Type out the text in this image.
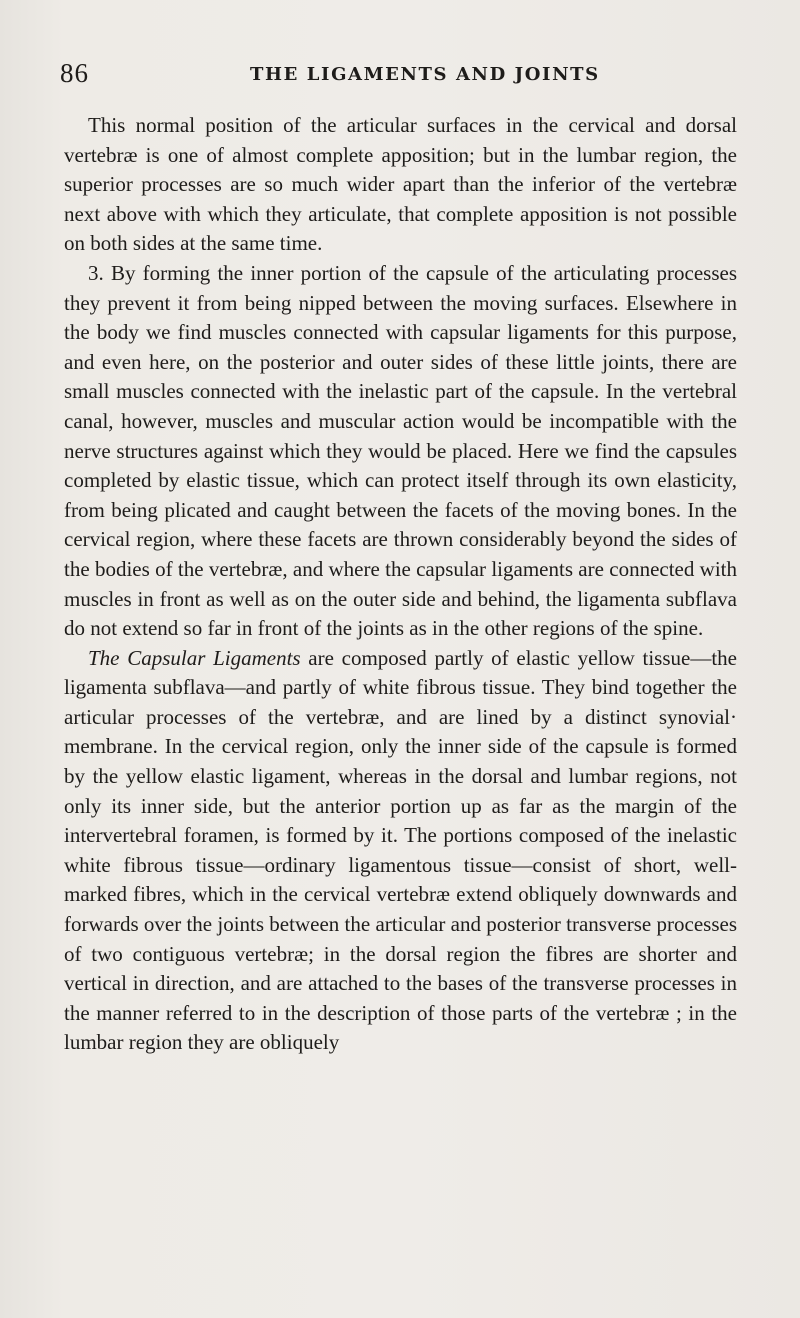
86	THE LIGAMENTS AND JOINTS

This normal position of the articular surfaces in the cervical and dorsal vertebræ is one of almost complete apposition; but in the lumbar region, the superior processes are so much wider apart than the inferior of the vertebræ next above with which they articulate, that complete apposition is not possible on both sides at the same time.

3. By forming the inner portion of the capsule of the articulating processes they prevent it from being nipped between the moving surfaces. Elsewhere in the body we find muscles connected with capsular ligaments for this purpose, and even here, on the posterior and outer sides of these little joints, there are small muscles connected with the inelastic part of the capsule. In the vertebral canal, however, muscles and muscular action would be incompatible with the nerve structures against which they would be placed. Here we find the capsules completed by elastic tissue, which can protect itself through its own elasticity, from being plicated and caught between the facets of the moving bones. In the cervical region, where these facets are thrown considerably beyond the sides of the bodies of the vertebræ, and where the capsular ligaments are connected with muscles in front as well as on the outer side and behind, the ligamenta subflava do not extend so far in front of the joints as in the other regions of the spine.

The Capsular Ligaments are composed partly of elastic yellow tissue—the ligamenta subflava—and partly of white fibrous tissue. They bind together the articular processes of the vertebræ, and are lined by a distinct synovial· membrane. In the cervical region, only the inner side of the capsule is formed by the yellow elastic ligament, whereas in the dorsal and lumbar regions, not only its inner side, but the anterior portion up as far as the margin of the intervertebral foramen, is formed by it. The portions composed of the inelastic white fibrous tissue—ordinary ligamentous tissue—consist of short, well-marked fibres, which in the cervical vertebræ extend obliquely downwards and forwards over the joints between the articular and posterior transverse processes of two contiguous vertebræ; in the dorsal region the fibres are shorter and vertical in direction, and are attached to the bases of the transverse processes in the manner referred to in the description of those parts of the vertebræ ; in the lumbar region they are obliquely
